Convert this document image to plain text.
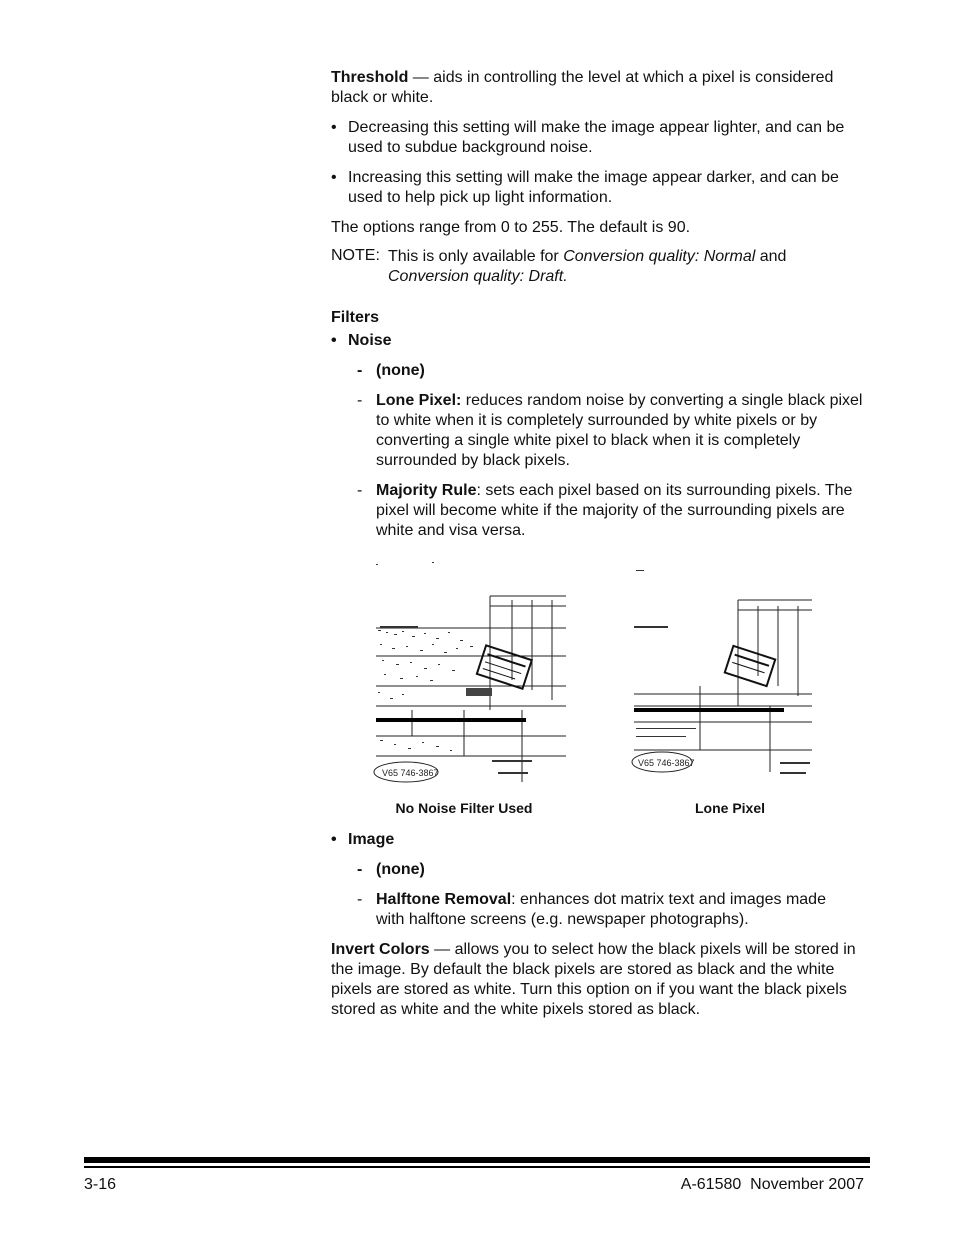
Threshold — aids in controlling the level at which a pixel is considered black or white.
• Decreasing this setting will make the image appear lighter, and can be used to subdue background noise.
• Increasing this setting will make the image appear darker, and can be used to help pick up light information.
The options range from 0 to 255. The default is 90.
NOTE: This is only available for Conversion quality: Normal and
Conversion quality: Draft.
Filters
• Noise
- (none)
- Lone Pixel: reduces random noise by converting a single black pixel to white when it is completely surrounded by white pixels or by converting a single white pixel to black when it is completely surrounded by black pixels.
- Majority Rule: sets each pixel based on its surrounding pixels. The pixel will become white if the majority of the surrounding pixels are white and visa versa.
V65 746-3867
V65 746-3867
No Noise Filter Used	Lone Pixel
• Image
- (none)
- Halftone Removal: enhances dot matrix text and images made with halftone screens (e.g. newspaper photographs).
Invert Colors — allows you to select how the black pixels will be stored in the image. By default the black pixels are stored as black and the white pixels are stored as white. Turn this option on if you want the black pixels stored as white and the white pixels stored as black.
3-16	A-61580  November 2007
